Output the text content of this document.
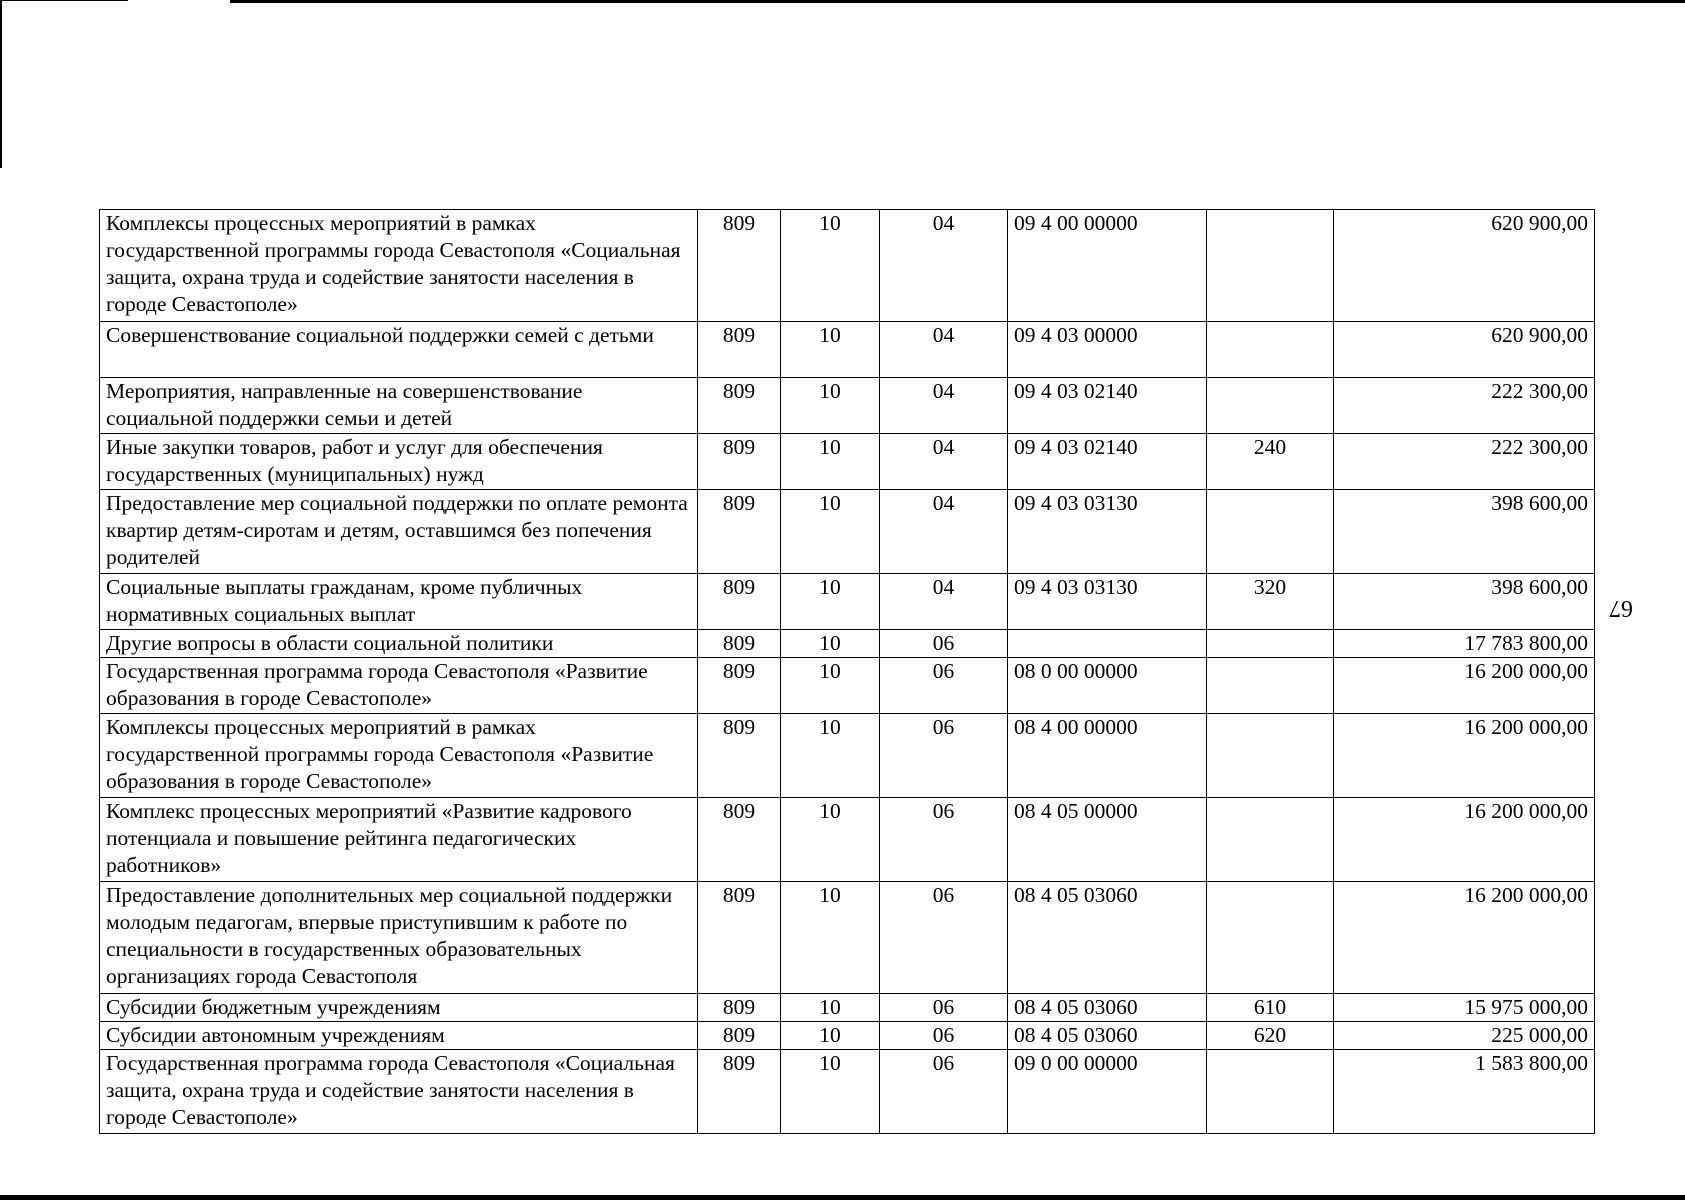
67
Комплексы процессных мероприятий в рамках государственной программы города Севастополя «Социальная защита, охрана труда и содействие занятости населения в городе Севастополе»	809	10	04	09 4 00 00000		620 900,00
Совершенствование социальной поддержки семей с детьми	809	10	04	09 4 03 00000		620 900,00
Мероприятия, направленные на совершенствование социальной поддержки семьи и детей	809	10	04	09 4 03 02140		222 300,00
Иные закупки товаров, работ и услуг для обеспечения государственных (муниципальных) нужд	809	10	04	09 4 03 02140	240	222 300,00
Предоставление мер социальной поддержки по оплате ремонта квартир детям-сиротам и детям, оставшимся без попечения родителей	809	10	04	09 4 03 03130		398 600,00
Социальные выплаты гражданам, кроме публичных нормативных социальных выплат	809	10	04	09 4 03 03130	320	398 600,00
Другие вопросы в области социальной политики	809	10	06			17 783 800,00
Государственная программа города Севастополя «Развитие образования в городе Севастополе»	809	10	06	08 0 00 00000		16 200 000,00
Комплексы процессных мероприятий в рамках государственной программы города Севастополя «Развитие образования в городе Севастополе»	809	10	06	08 4 00 00000		16 200 000,00
Комплекс процессных мероприятий «Развитие кадрового потенциала и повышение рейтинга педагогических работников»	809	10	06	08 4 05 00000		16 200 000,00
Предоставление дополнительных мер социальной поддержки молодым педагогам, впервые приступившим к работе по специальности в государственных образовательных организациях города Севастополя	809	10	06	08 4 05 03060		16 200 000,00
Субсидии бюджетным учреждениям	809	10	06	08 4 05 03060	610	15 975 000,00
Субсидии автономным учреждениям	809	10	06	08 4 05 03060	620	225 000,00
Государственная программа города Севастополя «Социальная защита, охрана труда и содействие занятости населения в городе Севастополе»	809	10	06	09 0 00 00000		1 583 800,00
